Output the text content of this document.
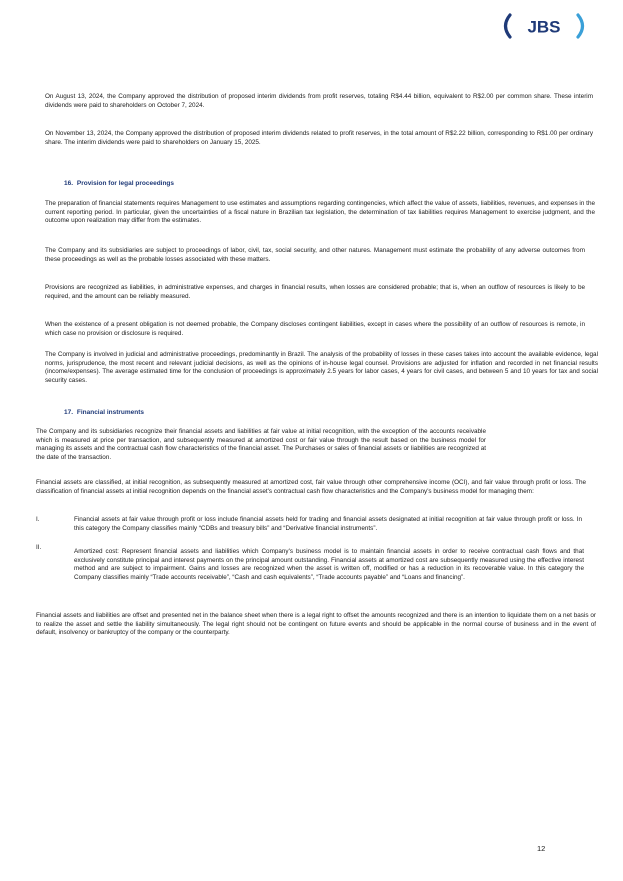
JBS

On August 13, 2024, the Company approved the distribution of proposed interim dividends from profit reserves, totaling R$4.44 billion, equivalent to R$2.00 per common share. These interim dividends were paid to shareholders on October 7, 2024.

On November 13, 2024, the Company approved the distribution of proposed interim dividends related to profit reserves, in the total amount of R$2.22 billion, corresponding to R$1.00 per ordinary share. The interim dividends were paid to shareholders on January 15, 2025.

16. Provision for legal proceedings

The preparation of financial statements requires Management to use estimates and assumptions regarding contingencies, which affect the value of assets, liabilities, revenues, and expenses in the current reporting period. In particular, given the uncertainties of a fiscal nature in Brazilian tax legislation, the determination of tax liabilities requires Management to exercise judgment, and the outcome upon realization may differ from the estimates.

The Company and its subsidiaries are subject to proceedings of labor, civil, tax, social security, and other natures. Management must estimate the probability of any adverse outcomes from these proceedings as well as the probable losses associated with these matters.

Provisions are recognized as liabilities, in administrative expenses, and charges in financial results, when losses are considered probable; that is, when an outflow of resources is likely to be required, and the amount can be reliably measured.

When the existence of a present obligation is not deemed probable, the Company discloses contingent liabilities, except in cases where the possibility of an outflow of resources is remote, in which case no provision or disclosure is required.

The Company is involved in judicial and administrative proceedings, predominantly in Brazil. The analysis of the probability of losses in these cases takes into account the available evidence, legal norms, jurisprudence, the most recent and relevant judicial decisions, as well as the opinions of in-house legal counsel. Provisions are adjusted for inflation and recorded in net financial results (income/expenses). The average estimated time for the conclusion of proceedings is approximately 2.5 years for labor cases, 4 years for civil cases, and between 5 and 10 years for tax and social security cases.

17. Financial instruments

The Company and its subsidiaries recognize their financial assets and liabilities at fair value at initial recognition, with the exception of the accounts receivable which is measured at price per transaction, and subsequently measured at amortized cost or fair value through the result based on the business model for managing its assets and the contractual cash flow characteristics of the financial asset. The Purchases or sales of financial assets or liabilities are recognized at the date of the transaction.

Financial assets are classified, at initial recognition, as subsequently measured at amortized cost, fair value through other comprehensive income (OCI), and fair value through profit or loss. The classification of financial assets at initial recognition depends on the financial asset's contractual cash flow characteristics and the Company's business model for managing them:

I.	Financial assets at fair value through profit or loss include financial assets held for trading and financial assets designated at initial recognition at fair value through profit or loss. In this category the Company classifies mainly “CDBs and treasury bills” and “Derivative financial instruments”.

II.

Amortized cost: Represent financial assets and liabilities which Company's business model is to maintain financial assets in order to receive contractual cash flows and that exclusively constitute principal and interest payments on the principal amount outstanding. Financial assets at amortized cost are subsequently measured using the effective interest method and are subject to impairment. Gains and losses are recognized when the asset is written off, modified or has a reduction in its recoverable value. In this category the Company classifies mainly “Trade accounts receivable”, “Cash and cash equivalents”, “Trade accounts payable” and “Loans and financing”.

Financial assets and liabilities are offset and presented net in the balance sheet when there is a legal right to offset the amounts recognized and there is an intention to liquidate them on a net basis or to realize the asset and settle the liability simultaneously. The legal right should not be contingent on future events and should be applicable in the normal course of business and in the event of default, insolvency or bankruptcy of the company or the counterparty.

12
